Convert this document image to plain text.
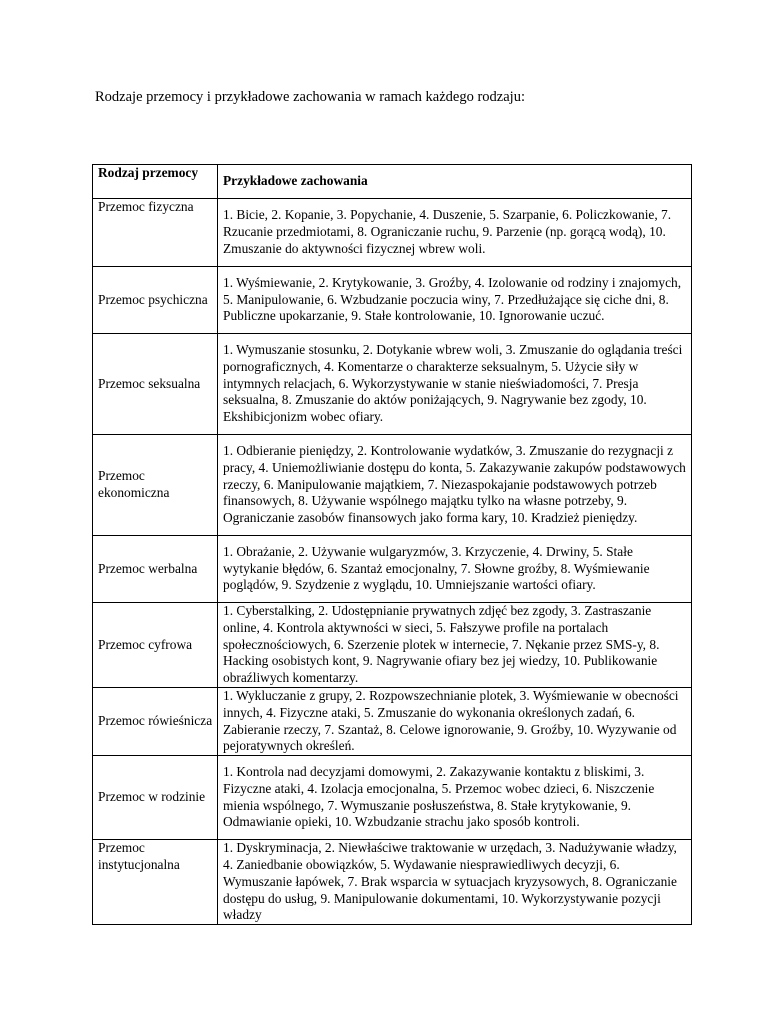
Rodzaje przemocy i przykładowe zachowania w ramach każdego rodzaju:
Rodzaj przemocy	Przykładowe zachowania
Przemoc fizyczna	1. Bicie, 2. Kopanie, 3. Popychanie, 4. Duszenie, 5. Szarpanie, 6. Policzkowanie, 7. Rzucanie przedmiotami, 8. Ograniczanie ruchu, 9. Parzenie (np. gorącą wodą), 10. Zmuszanie do aktywności fizycznej wbrew woli.
Przemoc psychiczna	1. Wyśmiewanie, 2. Krytykowanie, 3. Groźby, 4. Izolowanie od rodziny i znajomych, 5. Manipulowanie, 6. Wzbudzanie poczucia winy, 7. Przedłużające się ciche dni, 8. Publiczne upokarzanie, 9. Stałe kontrolowanie, 10. Ignorowanie uczuć.
Przemoc seksualna	1. Wymuszanie stosunku, 2. Dotykanie wbrew woli, 3. Zmuszanie do oglądania treści pornograficznych, 4. Komentarze o charakterze seksualnym, 5. Użycie siły w intymnych relacjach, 6. Wykorzystywanie w stanie nieświadomości, 7. Presja seksualna, 8. Zmuszanie do aktów poniżających, 9. Nagrywanie bez zgody, 10. Ekshibicjonizm wobec ofiary.
Przemoc ekonomiczna	1. Odbieranie pieniędzy, 2. Kontrolowanie wydatków, 3. Zmuszanie do rezygnacji z pracy, 4. Uniemożliwianie dostępu do konta, 5. Zakazywanie zakupów podstawowych rzeczy, 6. Manipulowanie majątkiem, 7. Niezaspokajanie podstawowych potrzeb finansowych, 8. Używanie wspólnego majątku tylko na własne potrzeby, 9. Ograniczanie zasobów finansowych jako forma kary, 10. Kradzież pieniędzy.
Przemoc werbalna	1. Obrażanie, 2. Używanie wulgaryzmów, 3. Krzyczenie, 4. Drwiny, 5. Stałe wytykanie błędów, 6. Szantaż emocjonalny, 7. Słowne groźby, 8. Wyśmiewanie poglądów, 9. Szydzenie z wyglądu, 10. Umniejszanie wartości ofiary.
Przemoc cyfrowa	1. Cyberstalking, 2. Udostępnianie prywatnych zdjęć bez zgody, 3. Zastraszanie online, 4. Kontrola aktywności w sieci, 5. Fałszywe profile na portalach społecznościowych, 6. Szerzenie plotek w internecie, 7. Nękanie przez SMS-y, 8. Hacking osobistych kont, 9. Nagrywanie ofiary bez jej wiedzy, 10. Publikowanie obraźliwych komentarzy.
Przemoc rówieśnicza	1. Wykluczanie z grupy, 2. Rozpowszechnianie plotek, 3. Wyśmiewanie w obecności innych, 4. Fizyczne ataki, 5. Zmuszanie do wykonania określonych zadań, 6. Zabieranie rzeczy, 7. Szantaż, 8. Celowe ignorowanie, 9. Groźby, 10. Wyzywanie od pejoratywnych określeń.
Przemoc w rodzinie	1. Kontrola nad decyzjami domowymi, 2. Zakazywanie kontaktu z bliskimi, 3. Fizyczne ataki, 4. Izolacja emocjonalna, 5. Przemoc wobec dzieci, 6. Niszczenie mienia wspólnego, 7. Wymuszanie posłuszeństwa, 8. Stałe krytykowanie, 9. Odmawianie opieki, 10. Wzbudzanie strachu jako sposób kontroli.
Przemoc instytucjonalna	1. Dyskryminacja, 2. Niewłaściwe traktowanie w urzędach, 3. Nadużywanie władzy, 4. Zaniedbanie obowiązków, 5. Wydawanie niesprawiedliwych decyzji, 6. Wymuszanie łapówek, 7. Brak wsparcia w sytuacjach kryzysowych, 8. Ograniczanie dostępu do usług, 9. Manipulowanie dokumentami, 10. Wykorzystywanie pozycji władzy
